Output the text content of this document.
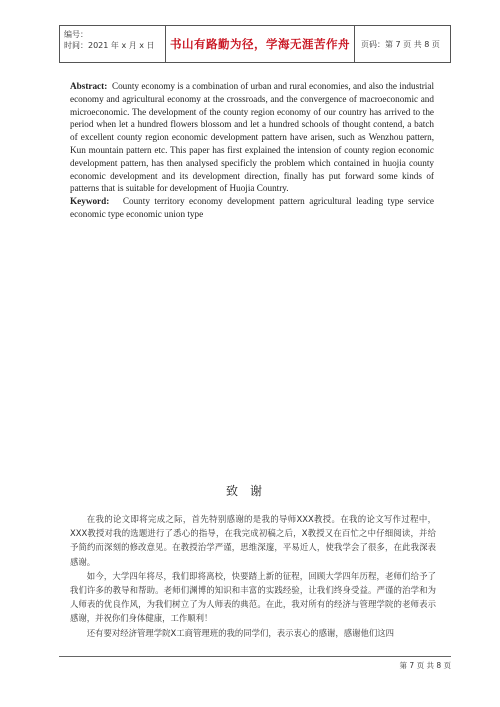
编号：
时间：2021 年 x 月 x 日	书山有路勤为径，学海无涯苦作舟	页码：第 7 页 共 8 页

Abstract: County economy is a combination of urban and rural economies, and also the industrial economy and agricultural economy at the crossroads, and the convergence of macroeconomic and microeconomic. The development of the county region economy of our country has arrived to the period when let a hundred flowers blossom and let a hundred schools of thought contend, a batch of excellent county region economic development pattern have arisen, such as Wenzhou pattern, Kun mountain pattern etc. This paper has first explained the intension of county region economic development pattern, has then analysed specificly the problem which contained in huojia county economic development and its development direction, finally has put forward some kinds of patterns that is suitable for development of Huojia Country.

Keyword: County territory economy development pattern agricultural leading type service economic type economic union type

致谢

在我的论文即将完成之际，首先特别感谢的是我的导师XXX教授。在我的论文写作过程中，XXX教授对我的选题进行了悉心的指导，在我完成初稿之后，X教授又在百忙之中仔细阅读，并给予简约而深刻的修改意见。在教授治学严谨，思维深邃，平易近人，使我学会了很多，在此我深表感谢。

如今，大学四年将尽，我们即将离校，快要踏上新的征程，回顾大学四年历程，老师们给予了我们许多的教导和帮助。老师们渊博的知识和丰富的实践经验，让我们终身受益。严谨的治学和为人师表的优良作风，为我们树立了为人师表的典范。在此，我对所有的经济与管理学院的老师表示感谢，并祝你们身体健康，工作顺利！

还有要对经济管理学院X工商管理班的我的同学们，表示衷心的感谢，感谢他们这四

第 7 页 共 8 页
